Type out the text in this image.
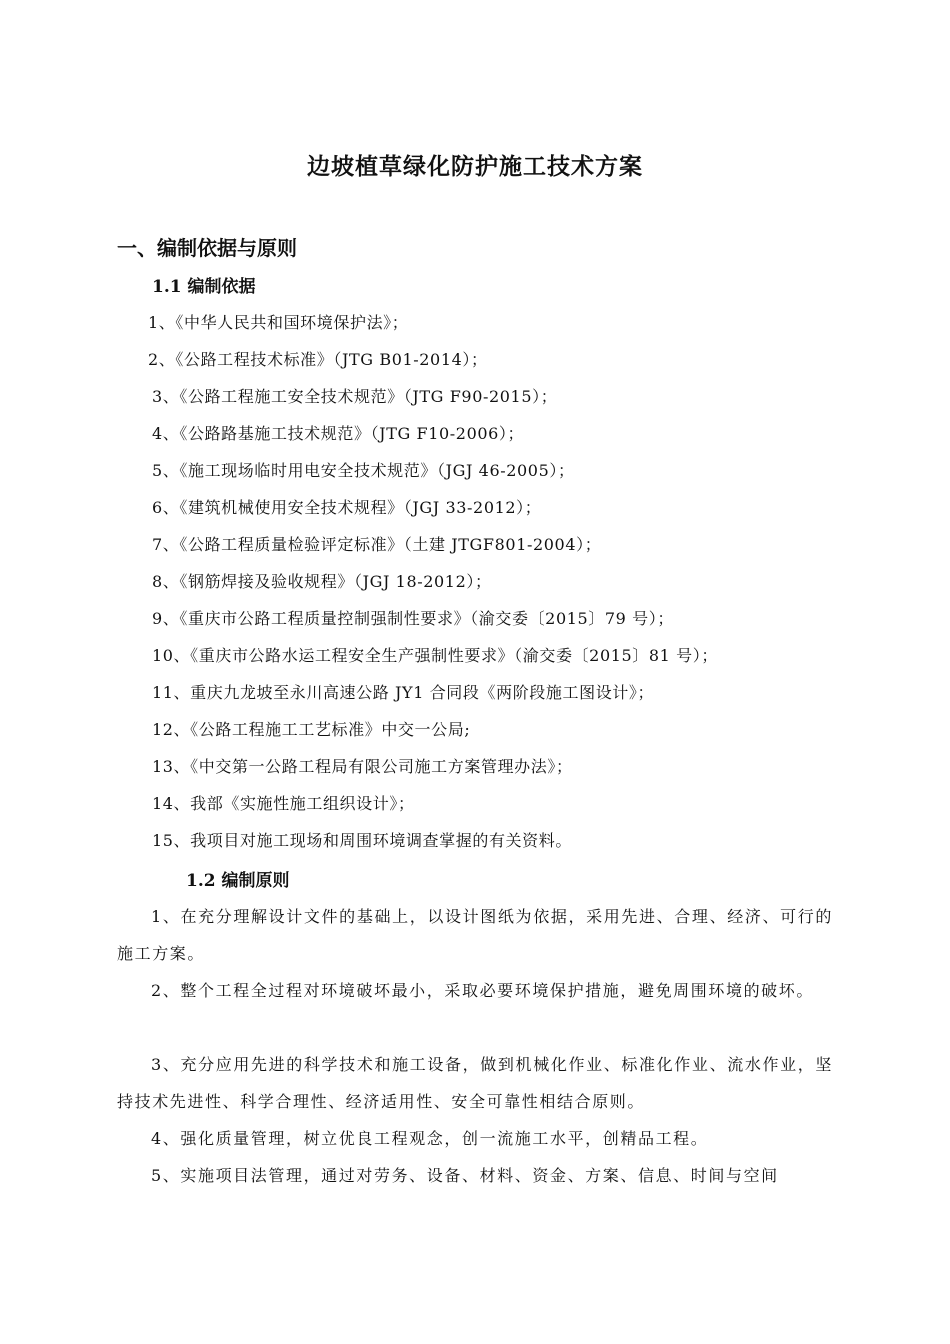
边坡植草绿化防护施工技术方案
一、编制依据与原则
1.1 编制依据
1、《中华人民共和国环境保护法》；
2、《公路工程技术标准》（JTG B01-2014）；
3、《公路工程施工安全技术规范》（JTG F90-2015）；
4、《公路路基施工技术规范》（JTG F10-2006）；
5、《施工现场临时用电安全技术规范》（JGJ 46-2005）；
6、《建筑机械使用安全技术规程》（JGJ 33-2012）；
7、《公路工程质量检验评定标准》（土建 JTGF801-2004）；
8、《钢筋焊接及验收规程》（JGJ 18-2012）；
9、《重庆市公路工程质量控制强制性要求》（渝交委〔2015〕79 号）；
10、《重庆市公路水运工程安全生产强制性要求》（渝交委〔2015〕81 号）；
11、重庆九龙坡至永川高速公路 JY1 合同段《两阶段施工图设计》；
12、《公路工程施工工艺标准》中交一公局;
13、《中交第一公路工程局有限公司施工方案管理办法》；
14、我部《实施性施工组织设计》；
15、我项目对施工现场和周围环境调查掌握的有关资料。
1.2 编制原则
1、在充分理解设计文件的基础上，以设计图纸为依据，采用先进、合理、经济、可行的施工方案。
2、整个工程全过程对环境破坏最小，采取必要环境保护措施，避免周围环境的破坏。
3、充分应用先进的科学技术和施工设备，做到机械化作业、标准化作业、流水作业，坚持技术先进性、科学合理性、经济适用性、安全可靠性相结合原则。
4、强化质量管理，树立优良工程观念，创一流施工水平，创精品工程。
5、实施项目法管理，通过对劳务、设备、材料、资金、方案、信息、时间与空间
